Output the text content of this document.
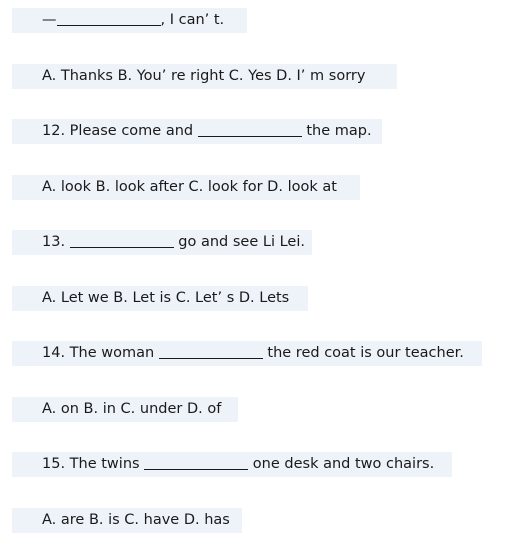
—	, I can’ t.
A. Thanks B. You’ re right C. Yes D. I’ m sorry
12. Please come and	the map.
A. look B. look after C. look for D. look at
13.	go and see Li Lei.
A. Let we B. Let is C. Let’ s D. Lets
14. The woman	the red coat is our teacher.
A. on B. in C. under D. of
15. The twins	one desk and two chairs.
A. are B. is C. have D. has
